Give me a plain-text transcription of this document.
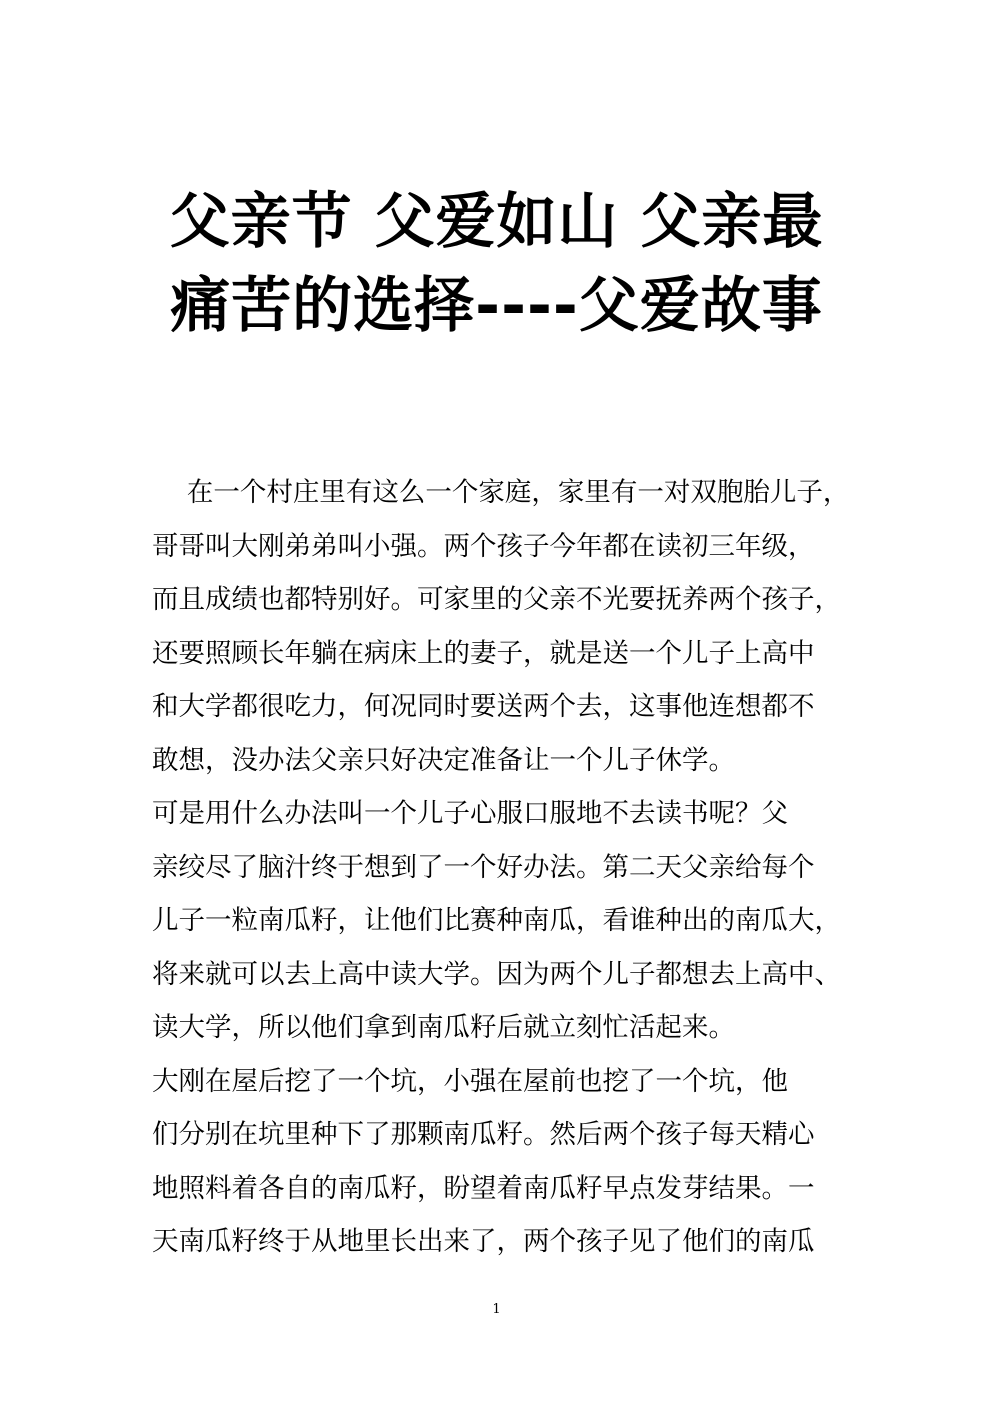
父亲节 父爱如山 父亲最
痛苦的选择----父爱故事
　 在一个村庄里有这么一个家庭，家里有一对双胞胎儿子，
哥哥叫大刚弟弟叫小强。两个孩子今年都在读初三年级，
而且成绩也都特别好。可家里的父亲不光要抚养两个孩子，
还要照顾长年躺在病床上的妻子，就是送一个儿子上高中
和大学都很吃力，何况同时要送两个去，这事他连想都不
敢想，没办法父亲只好决定准备让一个儿子休学。
可是用什么办法叫一个儿子心服口服地不去读书呢？父
亲绞尽了脑汁终于想到了一个好办法。第二天父亲给每个
儿子一粒南瓜籽，让他们比赛种南瓜，看谁种出的南瓜大，
将来就可以去上高中读大学。因为两个儿子都想去上高中、
读大学，所以他们拿到南瓜籽后就立刻忙活起来。
大刚在屋后挖了一个坑，小强在屋前也挖了一个坑，他
们分别在坑里种下了那颗南瓜籽。然后两个孩子每天精心
地照料着各自的南瓜籽，盼望着南瓜籽早点发芽结果。一
天南瓜籽终于从地里长出来了，两个孩子见了他们的南瓜
1
